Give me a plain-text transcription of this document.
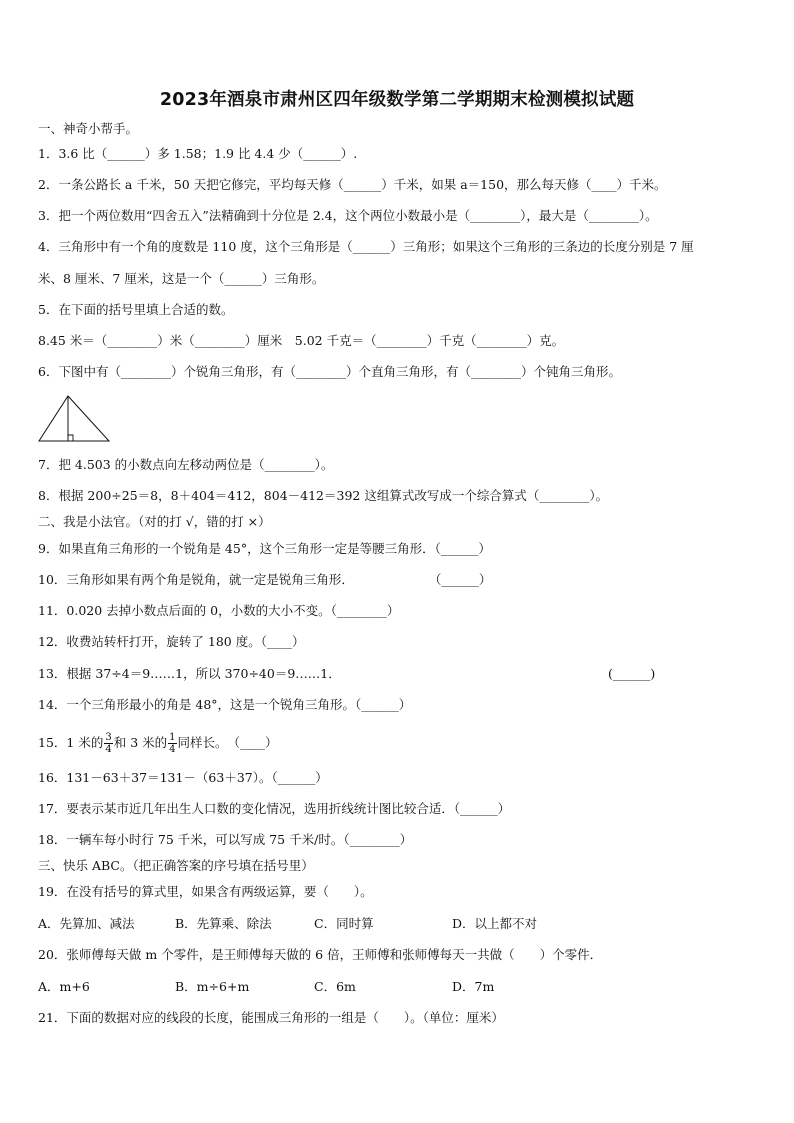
2023年酒泉市肃州区四年级数学第二学期期末检测模拟试题
一、神奇小帮手。
1．3.6 比（______）多 1.58；1.9 比 4.4 少（______）.
2．一条公路长 a 千米，50 天把它修完，平均每天修（______）千米，如果 a＝150，那么每天修（____）千米。
3．把一个两位数用“四舍五入”法精确到十分位是 2.4，这个两位小数最小是（________），最大是（________）。
4．三角形中有一个角的度数是 110 度，这个三角形是（______）三角形；如果这个三角形的三条边的长度分别是 7 厘
米、8 厘米、7 厘米，这是一个（______）三角形。
5．在下面的括号里填上合适的数。
8.45 米＝（________）米（________）厘米　5.02 千克＝（________）千克（________）克。
6．下图中有（________）个锐角三角形，有（________）个直角三角形，有（________）个钝角三角形。
7．把 4.503 的小数点向左移动两位是（________）。
8．根据 200÷25＝8，8＋404＝412，804－412＝392 这组算式改写成一个综合算式（________）。
二、我是小法官。（对的打 √，错的打 ×）
9．如果直角三角形的一个锐角是 45°，这个三角形一定是等腰三角形．（______）
10．三角形如果有两个角是锐角，就一定是锐角三角形．　　　　　　　（______）
11．0.020 去掉小数点后面的 0，小数的大小不变。（________）
12．收费站转杆打开，旋转了 180 度。（____）
13．根据 37÷4＝9……1，所以 370÷40＝9……1．	(______)
14．一个三角形最小的角是 48°，这是一个锐角三角形。（______）
15．1 米的 $\frac{3}{4}$ 和 3 米的 $\frac{1}{4}$ 同样长。　（____）
16．131－63＋37＝131－（63＋37）。（______）
17．要表示某市近几年出生人口数的变化情况，选用折线统计图比较合适．（______）
18．一辆车每小时行 75 千米，可以写成 75 千米/时。（________）
三、快乐 ABC。（把正确答案的序号填在括号里）
19．在没有括号的算式里，如果含有两级运算，要（　　）。
A．先算加、减法	B．先算乘、除法	C．同时算	D．以上都不对
20．张师傅每天做 m 个零件，是王师傅每天做的 6 倍，王师傅和张师傅每天一共做（　　）个零件．
A．m+6	B．m÷6+m	C．6m	D．7m
21．下面的数据对应的线段的长度，能围成三角形的一组是（　　）。（单位：厘米）
